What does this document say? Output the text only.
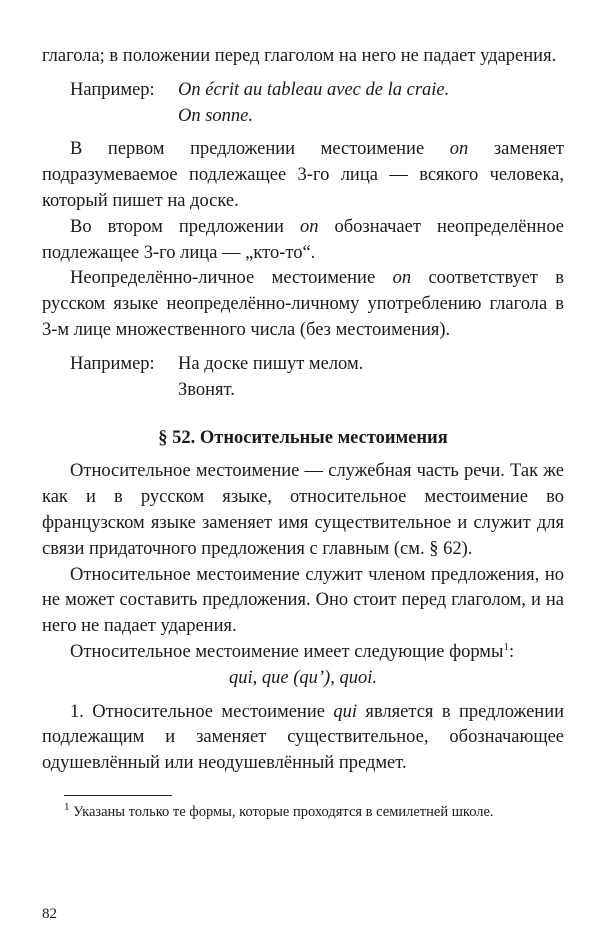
глагола; в положении перед глаголом на него не падает ударения.

Например: On écrit au tableau avec de la craie.
On sonne.

В первом предложении местоимение on заменяет подразумеваемое подлежащее 3-го лица — всякого человека, который пишет на доске.

Во втором предложении on обозначает неопределённое подлежащее 3-го лица — „кто-то“.

Неопределённо-личное местоимение on соответствует в русском языке неопределённо-личному употреблению глагола в 3-м лице множественного числа (без местоимения).

Например: На доске пишут мелом.
Звонят.
§ 52. Относительные местоимения

Относительное местоимение — служебная часть речи. Так же как и в русском языке, относительное местоимение во французском языке заменяет имя существительное и служит для связи придаточного предложения с главным (см. § 62).

Относительное местоимение служит членом предложения, но не может составить предложения. Оно стоит перед глаголом, и на него не падает ударения.

Относительное местоимение имеет следующие формы$^1$:

qui, que (qu’), quoi.

1. Относительное местоимение qui является в предложении подлежащим и заменяет существительное, обозначающее одушевлённый или неодушевлённый предмет.

$^1$ Указаны только те формы, которые проходятся в семилетней школе.

82
